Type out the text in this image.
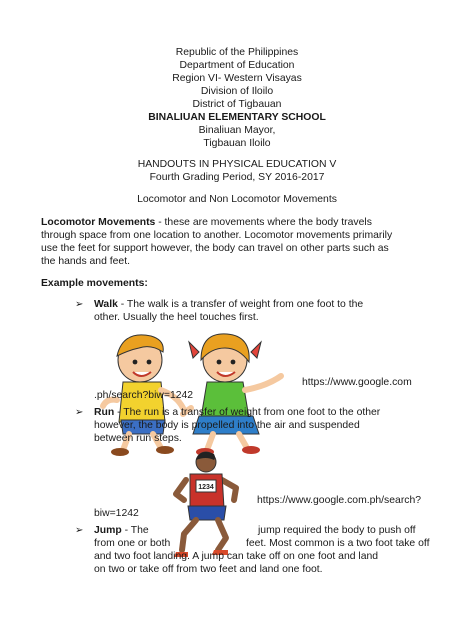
Republic of the Philippines
Department of Education
Region VI- Western Visayas
Division of Iloilo
District of Tigbauan
BINALIUAN ELEMENTARY SCHOOL
Binaliuan Mayor,
Tigbauan Iloilo
HANDOUTS IN PHYSICAL EDUCATION V
Fourth Grading Period, SY 2016-2017
Locomotor and Non Locomotor Movements
Locomotor Movements - these are movements where the body travels
through space from one location to another. Locomotor movements primarily
use the feet for support however, the body can travel on other parts such as
the hands and feet.
Example movements:
➢ Walk - The walk is a transfer of weight from one foot to the
other. Usually the heel touches first.
https://www.google.com
.ph/search?biw=1242
➢ Run - The run is a transfer of weight from one foot to the other
however, the body is propelled into the air and suspended
between run steps.
1234
https://www.google.com.ph/search?
biw=1242
➢ Jump - The	jump required the body to push off
from one or both	feet. Most common is a two foot take off
and two foot landing. A jump can take off on one foot and land
on two or take off from two feet and land one foot.
